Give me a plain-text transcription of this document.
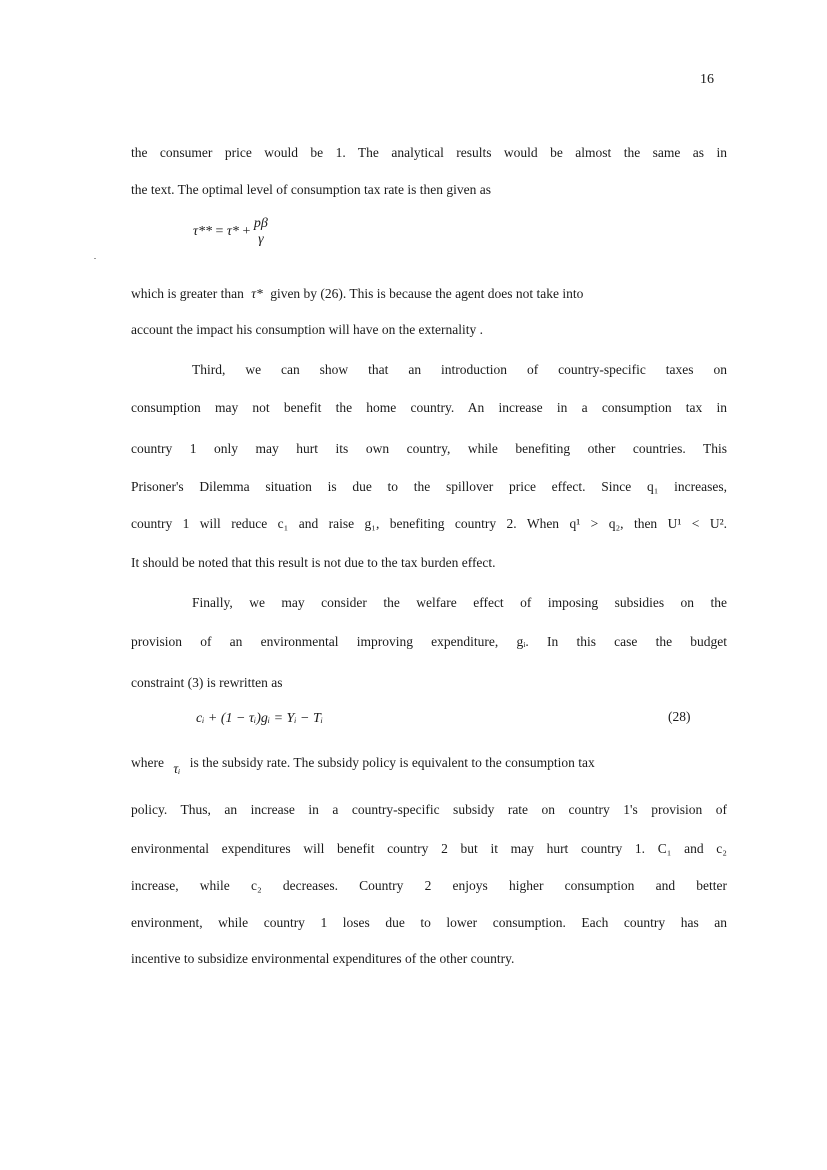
16
the consumer price would be 1. The analytical results would be almost the same as in
the text. The optimal level of consumption tax rate is then given as
τ** = τ* +
pβ
γ
which is greater than τ* given by (26). This is because the agent does not take into
account the impact his consumption will have on the externality .
Third, we can show that an introduction of country-specific taxes on
consumption may not benefit the home country. An increase in a consumption tax in
country 1 only may hurt its own country, while benefiting other countries. This
Prisoner's Dilemma situation is due to the spillover price effect. Since q₁ increases,
country 1 will reduce c₁ and raise g₁, benefiting country 2. When q¹ > q₂, then U¹ < U².
It should be noted that this result is not due to the tax burden effect.
Finally, we may consider the welfare effect of imposing subsidies on the
provision of an environmental improving expenditure, gᵢ. In this case the budget
constraint (3) is rewritten as
cᵢ + (1 − τᵢ)gᵢ = Yᵢ − Tᵢ	(28)
where τᵢ is the subsidy rate. The subsidy policy is equivalent to the consumption tax
policy. Thus, an increase in a country-specific subsidy rate on country 1's provision of
environmental expenditures will benefit country 2 but it may hurt country 1. C₁ and c₂
increase, while c₂ decreases. Country 2 enjoys higher consumption and better
environment, while country 1 loses due to lower consumption. Each country has an
incentive to subsidize environmental expenditures of the other country.
